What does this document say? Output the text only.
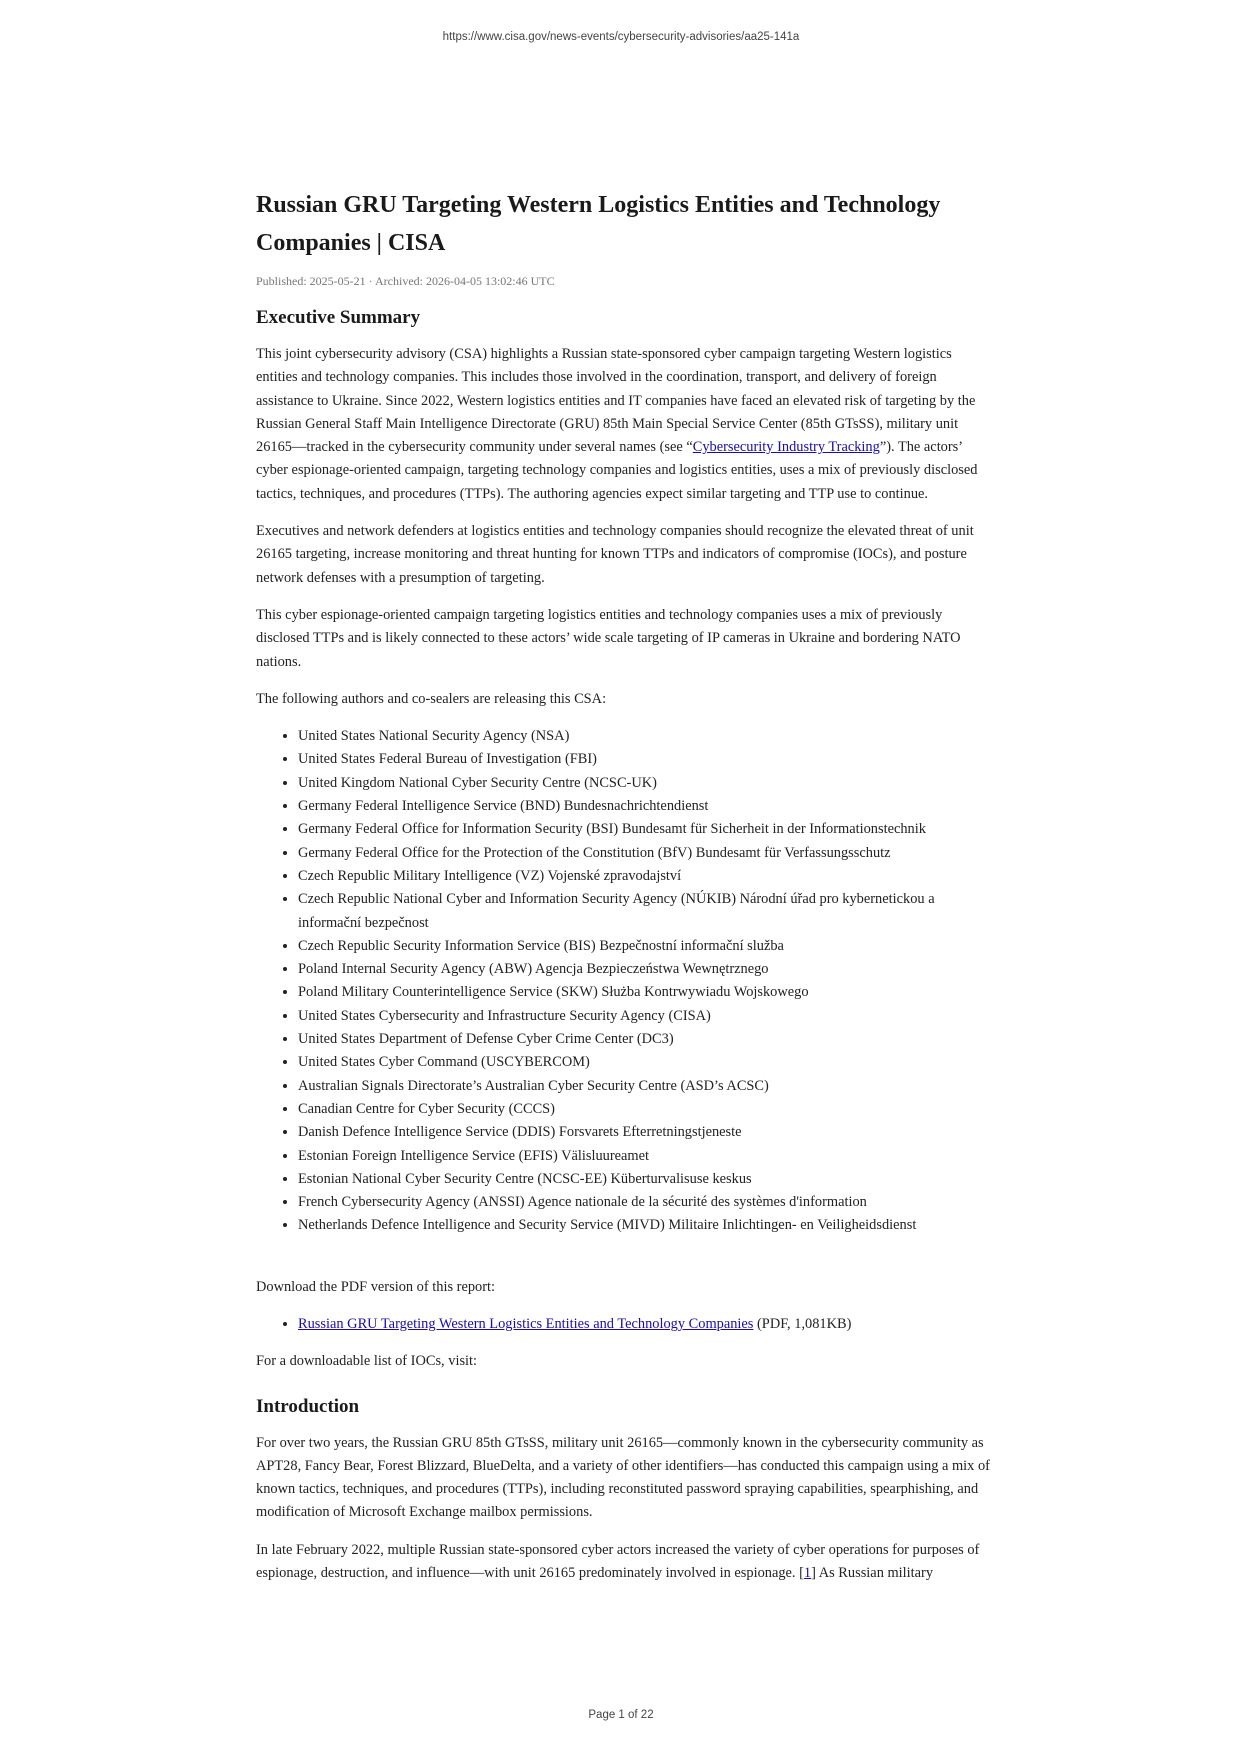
https://www.cisa.gov/news-events/cybersecurity-advisories/aa25-141a
Russian GRU Targeting Western Logistics Entities and Technology Companies | CISA
Published: 2025-05-21 · Archived: 2026-04-05 13:02:46 UTC
Executive Summary

This joint cybersecurity advisory (CSA) highlights a Russian state-sponsored cyber campaign targeting Western logistics entities and technology companies. This includes those involved in the coordination, transport, and delivery of foreign assistance to Ukraine. Since 2022, Western logistics entities and IT companies have faced an elevated risk of targeting by the Russian General Staff Main Intelligence Directorate (GRU) 85th Main Special Service Center (85th GTsSS), military unit 26165—tracked in the cybersecurity community under several names (see “Cybersecurity Industry Tracking”). The actors’ cyber espionage-oriented campaign, targeting technology companies and logistics entities, uses a mix of previously disclosed tactics, techniques, and procedures (TTPs). The authoring agencies expect similar targeting and TTP use to continue.

Executives and network defenders at logistics entities and technology companies should recognize the elevated threat of unit 26165 targeting, increase monitoring and threat hunting for known TTPs and indicators of compromise (IOCs), and posture network defenses with a presumption of targeting.

This cyber espionage-oriented campaign targeting logistics entities and technology companies uses a mix of previously disclosed TTPs and is likely connected to these actors’ wide scale targeting of IP cameras in Ukraine and bordering NATO nations.

The following authors and co-sealers are releasing this CSA:

• United States National Security Agency (NSA)
• United States Federal Bureau of Investigation (FBI)
• United Kingdom National Cyber Security Centre (NCSC-UK)
• Germany Federal Intelligence Service (BND) Bundesnachrichtendienst
• Germany Federal Office for Information Security (BSI) Bundesamt für Sicherheit in der Informationstechnik
• Germany Federal Office for the Protection of the Constitution (BfV) Bundesamt für Verfassungsschutz
• Czech Republic Military Intelligence (VZ) Vojenské zpravodajství
• Czech Republic National Cyber and Information Security Agency (NÚKIB) Národní úřad pro kybernetickou a informační bezpečnost
• Czech Republic Security Information Service (BIS) Bezpečnostní informační služba
• Poland Internal Security Agency (ABW) Agencja Bezpieczeństwa Wewnętrznego
• Poland Military Counterintelligence Service (SKW) Służba Kontrwywiadu Wojskowego
• United States Cybersecurity and Infrastructure Security Agency (CISA)
• United States Department of Defense Cyber Crime Center (DC3)
• United States Cyber Command (USCYBERCOM)
• Australian Signals Directorate’s Australian Cyber Security Centre (ASD’s ACSC)
• Canadian Centre for Cyber Security (CCCS)
• Danish Defence Intelligence Service (DDIS) Forsvarets Efterretningstjeneste
• Estonian Foreign Intelligence Service (EFIS) Välisluureamet
• Estonian National Cyber Security Centre (NCSC-EE) Küberturvalisuse keskus
• French Cybersecurity Agency (ANSSI) Agence nationale de la sécurité des systèmes d'information
• Netherlands Defence Intelligence and Security Service (MIVD) Militaire Inlichtingen- en Veiligheidsdienst

Download the PDF version of this report:

• Russian GRU Targeting Western Logistics Entities and Technology Companies (PDF, 1,081KB)

For a downloadable list of IOCs, visit:

Introduction

For over two years, the Russian GRU 85th GTsSS, military unit 26165—commonly known in the cybersecurity community as APT28, Fancy Bear, Forest Blizzard, BlueDelta, and a variety of other identifiers—has conducted this campaign using a mix of known tactics, techniques, and procedures (TTPs), including reconstituted password spraying capabilities, spearphishing, and modification of Microsoft Exchange mailbox permissions.

In late February 2022, multiple Russian state-sponsored cyber actors increased the variety of cyber operations for purposes of espionage, destruction, and influence—with unit 26165 predominately involved in espionage. [1] As Russian military

Page 1 of 22
